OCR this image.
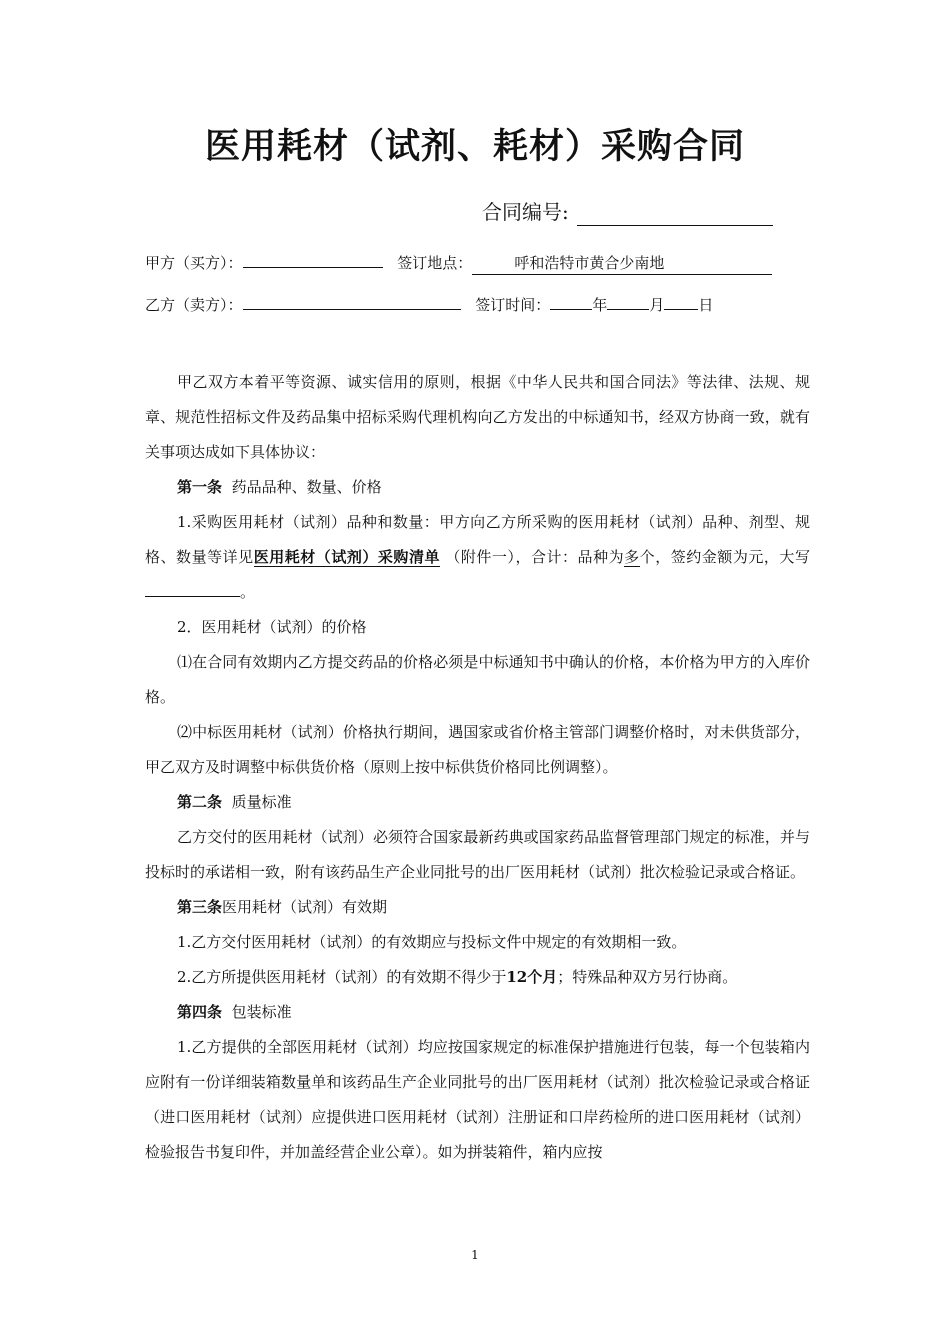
医用耗材（试剂、耗材）采购合同
合同编号:
甲方（买方）：	签订地点：	呼和浩特市黄合少南地
乙方（卖方）：	签订时间：	年	月 日

甲乙双方本着平等资源、诚实信用的原则，根据《中华人民共和国合同法》等法律、法规、规章、规范性招标文件及药品集中招标采购代理机构向乙方发出的中标通知书，经双方协商一致，就有关事项达成如下具体协议：

第一条 药品品种、数量、价格

1.采购医用耗材（试剂）品种和数量：甲方向乙方所采购的医用耗材（试剂）品种、剂型、规格、数量等详见医用耗材（试剂）采购清单 （附件一），合计：品种为多个，签约金额为元，大写。

2．医用耗材（试剂）的价格

⑴在合同有效期内乙方提交药品的价格必须是中标通知书中确认的价格，本价格为甲方的入库价格。

⑵中标医用耗材（试剂）价格执行期间，遇国家或省价格主管部门调整价格时，对未供货部分，甲乙双方及时调整中标供货价格（原则上按中标供货价格同比例调整）。

第二条 质量标准

乙方交付的医用耗材（试剂）必须符合国家最新药典或国家药品监督管理部门规定的标准，并与投标时的承诺相一致，附有该药品生产企业同批号的出厂医用耗材（试剂）批次检验记录或合格证。

第三条医用耗材（试剂）有效期

1.乙方交付医用耗材（试剂）的有效期应与投标文件中规定的有效期相一致。

2.乙方所提供医用耗材（试剂）的有效期不得少于12个月；特殊品种双方另行协商。

第四条 包装标准

1.乙方提供的全部医用耗材（试剂）均应按国家规定的标准保护措施进行包装，每一个包装箱内应附有一份详细装箱数量单和该药品生产企业同批号的出厂医用耗材（试剂）批次检验记录或合格证（进口医用耗材（试剂）应提供进口医用耗材（试剂）注册证和口岸药检所的进口医用耗材（试剂）检验报告书复印件，并加盖经营企业公章）。如为拼装箱件，箱内应按

1
